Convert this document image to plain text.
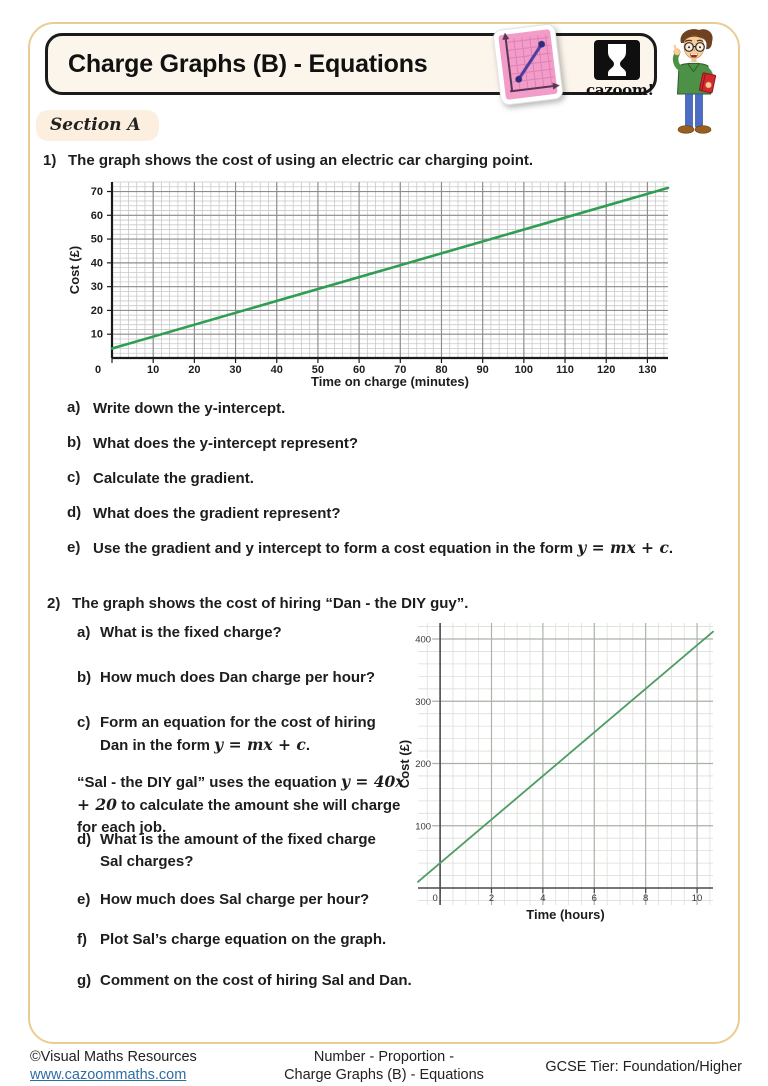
Charge Graphs (B) - Equations
cazoom!
Section A
1) The graph shows the cost of using an electric car charging point.
0	10	20	30	40	50	60	70	80	90 100 110 120 130
10
20
30
40
50
60
70
Time on charge (minutes)
Cost (£)
a) Write down the y-intercept.
b) What does the y-intercept represent?
c) Calculate the gradient.
d) What does the gradient represent?
e) Use the gradient and y intercept to form a cost equation in the form y = mx + c.
2) The graph shows the cost of hiring “Dan - the DIY guy”.
a) What is the fixed charge?
b) How much does Dan charge per hour?
c) Form an equation for the cost of hiring Dan in the form y = mx + c.
“Sal - the DIY gal” uses the equation y = 40x + 20 to calculate the amount she will charge for each job.
d) What is the amount of the fixed charge Sal charges?
e) How much does Sal charge per hour?
f) Plot Sal’s charge equation on the graph.
g) Comment on the cost of hiring Sal and Dan.
0	2	4	6	8	10
100
200
300
400
Time (hours)
Cost (£)
©Visual Maths Resources
www.cazoommaths.com
Number - Proportion -
Charge Graphs (B) - Equations	GCSE Tier: Foundation/Higher
